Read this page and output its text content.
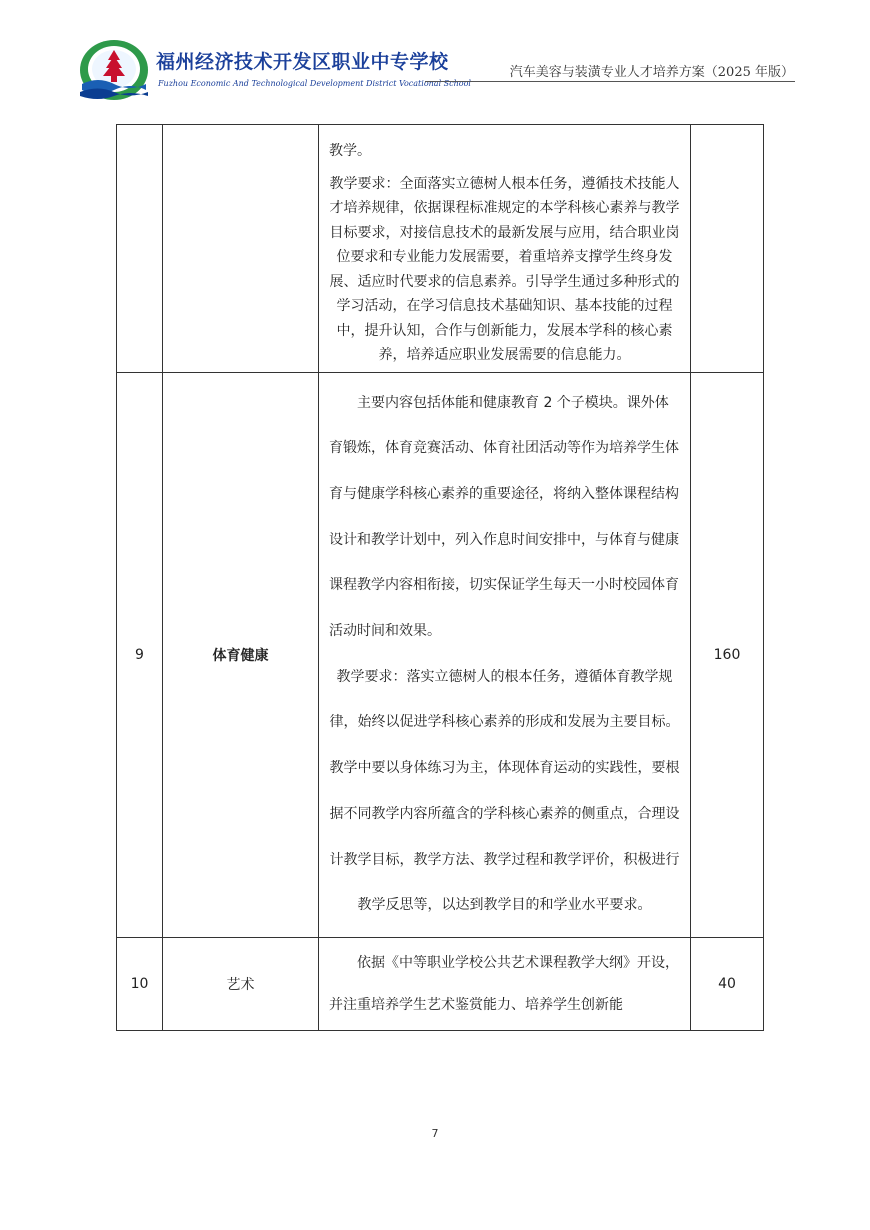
福州经济技术开发区职业中专学校
Fuzhou Economic And Technological Development District Vocational School
汽车美容与装潢专业人才培养方案（2025 年版）

		教学。

教学要求：全面落实立德树人根本任务，遵循技术技能人才培养规律，依据课程标准规定的本学科核心素养与教学目标要求，对接信息技术的最新发展与应用，结合职业岗位要求和专业能力发展需要，着重培养支撑学生终身发展、适应时代要求的信息素养。引导学生通过多种形式的学习活动，在学习信息技术基础知识、基本技能的过程中，提升认知，合作与创新能力，发展本学科的核心素养，培养适应职业发展需要的信息能力。	

9	体育健康	主要内容包括体能和健康教育 2 个子模块。课外体育锻炼，体育竞赛活动、体育社团活动等作为培养学生体育与健康学科核心素养的重要途径，将纳入整体课程结构设计和教学计划中，列入作息时间安排中，与体育与健康课程教学内容相衔接，切实保证学生每天一小时校园体育活动时间和效果。

教学要求：落实立德树人的根本任务，遵循体育教学规律，始终以促进学科核心素养的形成和发展为主要目标。教学中要以身体练习为主，体现体育运动的实践性，要根据不同教学内容所蕴含的学科核心素养的侧重点，合理设计教学目标，教学方法、教学过程和教学评价，积极进行教学反思等，以达到教学目的和学业水平要求。	160
10	艺术	依据《中等职业学校公共艺术课程教学大纲》开设，并注重培养学生艺术鉴赏能力、培养学生创新能	40
7
